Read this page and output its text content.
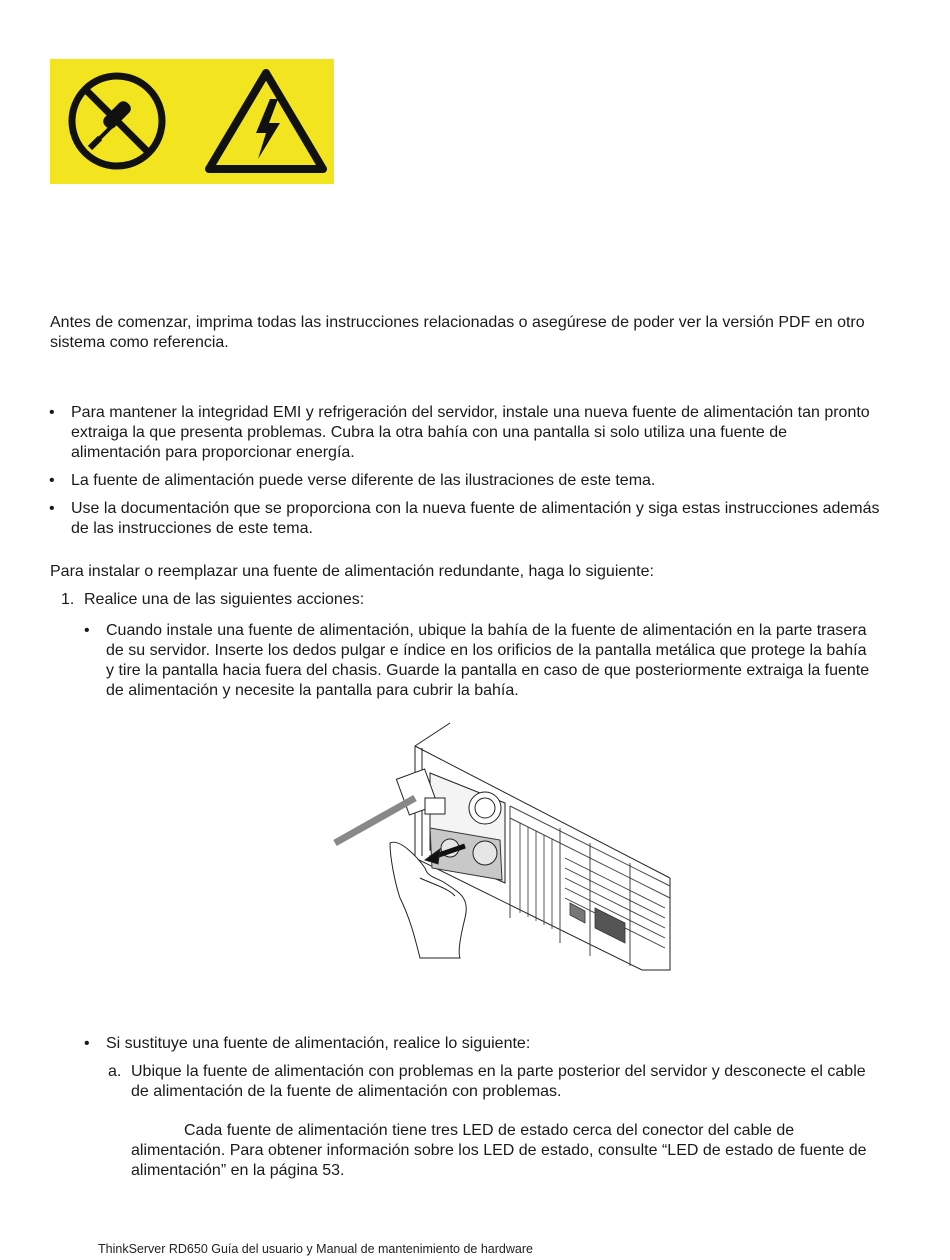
Antes de comenzar, imprima todas las instrucciones relacionadas o asegúrese de poder ver la versión PDF en otro sistema como referencia.

• Para mantener la integridad EMI y refrigeración del servidor, instale una nueva fuente de alimentación tan pronto extraiga la que presenta problemas. Cubra la otra bahía con una pantalla si solo utiliza una fuente de alimentación para proporcionar energía.
• La fuente de alimentación puede verse diferente de las ilustraciones de este tema.
• Use la documentación que se proporciona con la nueva fuente de alimentación y siga estas instrucciones además de las instrucciones de este tema.

Para instalar o reemplazar una fuente de alimentación redundante, haga lo siguiente:

1. Realice una de las siguientes acciones:

• Cuando instale una fuente de alimentación, ubique la bahía de la fuente de alimentación en la parte trasera de su servidor. Inserte los dedos pulgar e índice en los orificios de la pantalla metálica que protege la bahía y tire la pantalla hacia fuera del chasis. Guarde la pantalla en caso de que posteriormente extraiga la fuente de alimentación y necesite la pantalla para cubrir la bahía.
• Si sustituye una fuente de alimentación, realice lo siguiente:
a. Ubique la fuente de alimentación con problemas en la parte posterior del servidor y desconecte el cable de alimentación de la fuente de alimentación con problemas.

Cada fuente de alimentación tiene tres LED de estado cerca del conector del cable de alimentación. Para obtener información sobre los LED de estado, consulte “LED de estado de fuente de alimentación” en la página 53.

ThinkServer RD650 Guía del usuario y Manual de mantenimiento de hardware
